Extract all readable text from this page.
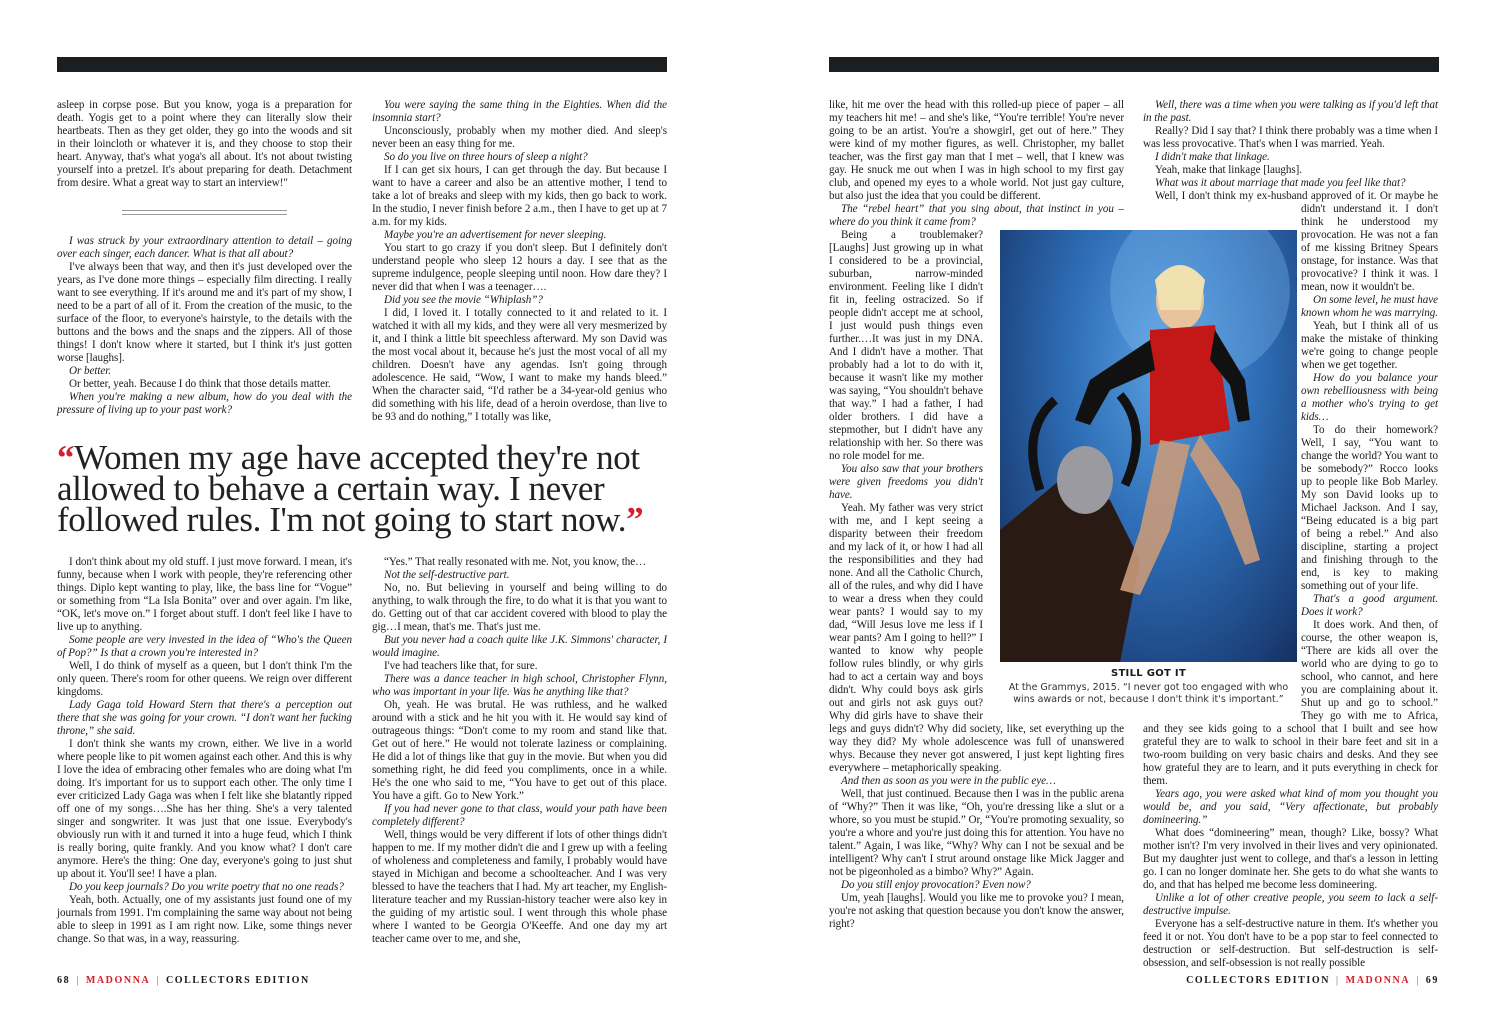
asleep in corpse pose. But you know, yoga is a preparation for death. Yogis get to a point where they can literally slow their heartbeats. Then as they get older, they go into the woods and sit in their loincloth or whatever it is, and they choose to stop their heart. Anyway, that's what yoga's all about. It's not about twisting yourself into a pretzel. It's about preparing for death. Detachment from desire. What a great way to start an interview!"

I was struck by your extraordinary attention to detail – going over each singer, each dancer. What is that all about?

I've always been that way, and then it's just developed over the years, as I've done more things – especially film directing. I really want to see everything. If it's around me and it's part of my show, I need to be a part of all of it. From the creation of the music, to the surface of the floor, to everyone's hairstyle, to the details with the buttons and the bows and the snaps and the zippers. All of those things! I don't know where it started, but I think it's just gotten worse [laughs].

Or better.

Or better, yeah. Because I do think that those details matter.

When you're making a new album, how do you deal with the pressure of living up to your past work?

You were saying the same thing in the Eighties. When did the insomnia start?

Unconsciously, probably when my mother died. And sleep's never been an easy thing for me.

So do you live on three hours of sleep a night?

If I can get six hours, I can get through the day. But because I want to have a career and also be an attentive mother, I tend to take a lot of breaks and sleep with my kids, then go back to work. In the studio, I never finish before 2 a.m., then I have to get up at 7 a.m. for my kids.

Maybe you're an advertisement for never sleeping.

You start to go crazy if you don't sleep. But I definitely don't understand people who sleep 12 hours a day. I see that as the supreme indulgence, people sleeping until noon. How dare they? I never did that when I was a teenager….

Did you see the movie “Whiplash”?

I did, I loved it. I totally connected to it and related to it. I watched it with all my kids, and they were all very mesmerized by it, and I think a little bit speechless afterward. My son David was the most vocal about it, because he's just the most vocal of all my children. Doesn't have any agendas. Isn't going through adolescence. He said, “Wow, I want to make my hands bleed.” When the character said, “I'd rather be a 34-year-old genius who did something with his life, dead of a heroin overdose, than live to be 93 and do nothing,” I totally was like,

“Women my age have accepted they're not allowed to behave a certain way. I never followed rules. I'm not going to start now.”

I don't think about my old stuff. I just move forward. I mean, it's funny, because when I work with people, they're referencing other things. Diplo kept wanting to play, like, the bass line for “Vogue” or something from “La Isla Bonita” over and over again. I'm like, “OK, let's move on.” I forget about stuff. I don't feel like I have to live up to anything.

Some people are very invested in the idea of “Who's the Queen of Pop?” Is that a crown you're interested in?

Well, I do think of myself as a queen, but I don't think I'm the only queen. There's room for other queens. We reign over different kingdoms.

Lady Gaga told Howard Stern that there's a perception out there that she was going for your crown. “I don't want her fucking throne,” she said.

I don't think she wants my crown, either. We live in a world where people like to pit women against each other. And this is why I love the idea of embracing other females who are doing what I'm doing. It's important for us to support each other. The only time I ever criticized Lady Gaga was when I felt like she blatantly ripped off one of my songs….She has her thing. She's a very talented singer and songwriter. It was just that one issue. Everybody's obviously run with it and turned it into a huge feud, which I think is really boring, quite frankly. And you know what? I don't care anymore. Here's the thing: One day, everyone's going to just shut up about it. You'll see! I have a plan.

Do you keep journals? Do you write poetry that no one reads?

Yeah, both. Actually, one of my assistants just found one of my journals from 1991. I'm complaining the same way about not being able to sleep in 1991 as I am right now. Like, some things never change. So that was, in a way, reassuring.

“Yes.” That really resonated with me. Not, you know, the…

Not the self-destructive part.

No, no. But believing in yourself and being willing to do anything, to walk through the fire, to do what it is that you want to do. Getting out of that car accident covered with blood to play the gig…I mean, that's me. That's just me.

But you never had a coach quite like J.K. Simmons' character, I would imagine.

I've had teachers like that, for sure.

There was a dance teacher in high school, Christopher Flynn, who was important in your life. Was he anything like that?

Oh, yeah. He was brutal. He was ruthless, and he walked around with a stick and he hit you with it. He would say kind of outrageous things: “Don't come to my room and stand like that. Get out of here.” He would not tolerate laziness or complaining. He did a lot of things like that guy in the movie. But when you did something right, he did feed you compliments, once in a while. He's the one who said to me, “You have to get out of this place. You have a gift. Go to New York.”

If you had never gone to that class, would your path have been completely different?

Well, things would be very different if lots of other things didn't happen to me. If my mother didn't die and I grew up with a feeling of wholeness and completeness and family, I probably would have stayed in Michigan and become a schoolteacher. And I was very blessed to have the teachers that I had. My art teacher, my English-literature teacher and my Russian-history teacher were also key in the guiding of my artistic soul. I went through this whole phase where I wanted to be Georgia O'Keeffe. And one day my art teacher came over to me, and she,

like, hit me over the head with this rolled-up piece of paper – all my teachers hit me! – and she's like, “You're terrible! You're never going to be an artist. You're a showgirl, get out of here.” They were kind of my mother figures, as well. Christopher, my ballet teacher, was the first gay man that I met – well, that I knew was gay. He snuck me out when I was in high school to my first gay club, and opened my eyes to a whole world. Not just gay culture, but also just the idea that you could be different.

The “rebel heart” that you sing about, that instinct in you – where do you think it came from?

Being a troublemaker? [Laughs] Just growing up in what I considered to be a provincial, suburban, narrow-minded environment. Feeling like I didn't fit in, feeling ostracized. So if people didn't accept me at school, I just would push things even further.…It was just in my DNA. And I didn't have a mother. That probably had a lot to do with it, because it wasn't like my mother was saying, “You shouldn't behave that way.” I had a father, I had older brothers. I did have a stepmother, but I didn't have any relationship with her. So there was no role model for me.

You also saw that your brothers were given freedoms you didn't have.

Yeah. My father was very strict with me, and I kept seeing a disparity between their freedom and my lack of it, or how I had all the responsibilities and they had none. And all the Catholic Church, all of the rules, and why did I have to wear a dress when they could wear pants? I would say to my dad, “Will Jesus love me less if I wear pants? Am I going to hell?” I wanted to know why people follow rules blindly, or why girls had to act a certain way and boys didn't. Why could boys ask girls out and girls not ask guys out? Why did girls have to shave their legs and guys didn't? Why did society, like, set everything up the way they did? My whole adolescence was full of unanswered whys. Because they never got answered, I just kept lighting fires everywhere – metaphorically speaking.

And then as soon as you were in the public eye…

Well, that just continued. Because then I was in the public arena of “Why?” Then it was like, “Oh, you're dressing like a slut or a whore, so you must be stupid.” Or, “You're promoting sexuality, so you're a whore and you're just doing this for attention. You have no talent.” Again, I was like, “Why? Why can I not be sexual and be intelligent? Why can't I strut around onstage like Mick Jagger and not be pigeonholed as a bimbo? Why?” Again.

Do you still enjoy provocation? Even now?

Um, yeah [laughs]. Would you like me to provoke you? I mean, you're not asking that question because you don't know the answer, right?

Well, there was a time when you were talking as if you'd left that in the past.

Really? Did I say that? I think there probably was a time when I was less provocative. That's when I was married. Yeah.

I didn't make that linkage.

Yeah, make that linkage [laughs].

What was it about marriage that made you feel like that?

Well, I don't think my ex-husband approved of it. Or maybe he didn't understand it. I don't think he understood my provocation. He was not a fan of me kissing Britney Spears onstage, for instance. Was that provocative? I think it was. I mean, now it wouldn't be.

On some level, he must have known whom he was marrying.

Yeah, but I think all of us make the mistake of thinking we're going to change people when we get together.

How do you balance your own rebelliousness with being a mother who's trying to get kids…

To do their homework? Well, I say, “You want to change the world? You want to be somebody?” Rocco looks up to people like Bob Marley. My son David looks up to Michael Jackson. And I say, “Being educated is a big part of being a rebel.” And also discipline, starting a project and finishing through to the end, is key to making something out of your life.

That's a good argument. Does it work?

It does work. And then, of course, the other weapon is, “There are kids all over the world who are dying to go to school, who cannot, and here you are complaining about it. Shut up and go to school.” They go with me to Africa, and they see kids going to a school that I built and see how grateful they are to walk to school in their bare feet and sit in a two-room building on very basic chairs and desks. And they see how grateful they are to learn, and it puts everything in check for them.

Years ago, you were asked what kind of mom you thought you would be, and you said, “Very affectionate, but probably domineering.”

What does “domineering” mean, though? Like, bossy? What mother isn't? I'm very involved in their lives and very opinionated. But my daughter just went to college, and that's a lesson in letting go. I can no longer dominate her. She gets to do what she wants to do, and that has helped me become less domineering.

Unlike a lot of other creative people, you seem to lack a self-destructive impulse.

Everyone has a self-destructive nature in them. It's whether you feed it or not. You don't have to be a pop star to feel connected to destruction or self-destruction. But self-destruction is self-obsession, and self-obsession is not really possible

STILL GOT IT
At the Grammys, 2015. “I never got too engaged with who wins awards or not, because I don't think it's important.”
68 | MADONNA | COLLECTORS EDITION	COLLECTORS EDITION | MADONNA | 69
